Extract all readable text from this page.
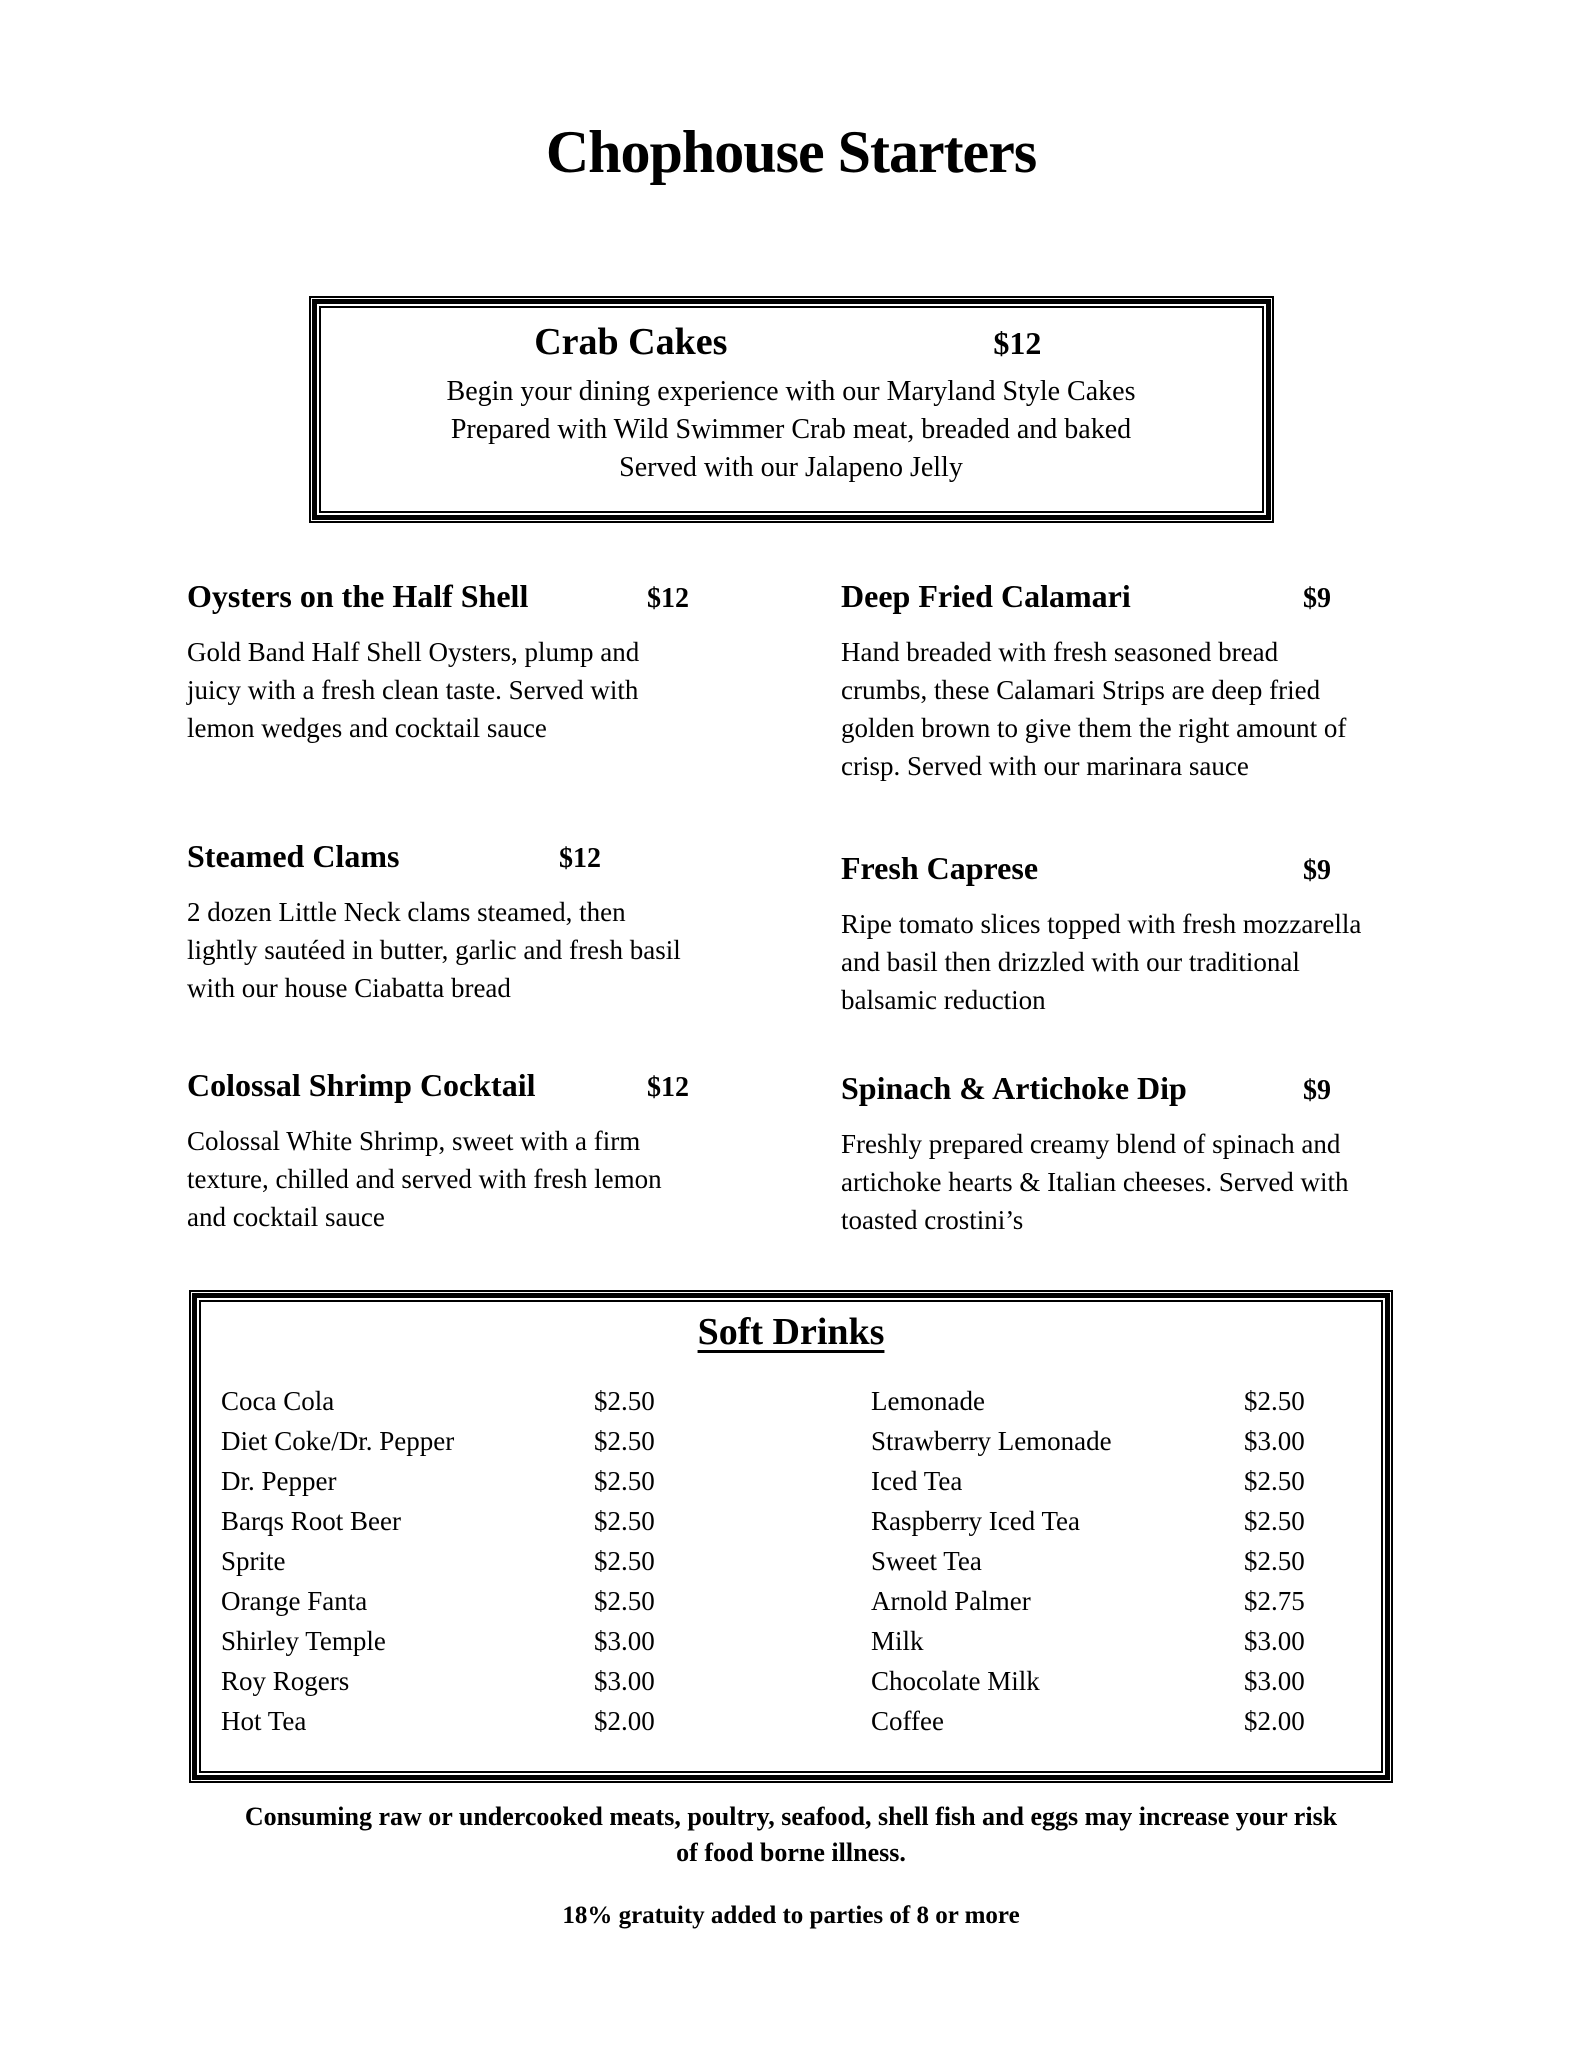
Chophouse Starters
Crab Cakes	$12
Begin your dining experience with our Maryland Style Cakes
Prepared with Wild Swimmer Crab meat, breaded and baked
Served with our Jalapeno Jelly
Oysters on the Half Shell	$12
Gold Band Half Shell Oysters, plump and juicy with a fresh clean taste. Served with lemon wedges and cocktail sauce
Steamed Clams	$12
2 dozen Little Neck clams steamed, then lightly sautéed in butter, garlic and fresh basil with our house Ciabatta bread
Colossal Shrimp Cocktail	$12
Colossal White Shrimp, sweet with a firm texture, chilled and served with fresh lemon and cocktail sauce
Deep Fried Calamari	$9
Hand breaded with fresh seasoned bread crumbs, these Calamari Strips are deep fried golden brown to give them the right amount of crisp. Served with our marinara sauce
Fresh Caprese	$9
Ripe tomato slices topped with fresh mozzarella and basil then drizzled with our traditional balsamic reduction
Spinach & Artichoke Dip	$9
Freshly prepared creamy blend of spinach and artichoke hearts & Italian cheeses. Served with toasted crostini’s
Soft Drinks
Coca Cola	$2.50
Diet Coke/Dr. Pepper	$2.50
Dr. Pepper	$2.50
Barqs Root Beer	$2.50
Sprite	$2.50
Orange Fanta	$2.50
Shirley Temple	$3.00
Roy Rogers	$3.00
Hot Tea	$2.00
Lemonade	$2.50
Strawberry Lemonade	$3.00
Iced Tea	$2.50
Raspberry Iced Tea	$2.50
Sweet Tea	$2.50
Arnold Palmer	$2.75
Milk	$3.00
Chocolate Milk	$3.00
Coffee	$2.00
Consuming raw or undercooked meats, poultry, seafood, shell fish and eggs may increase your risk
of food borne illness.
18% gratuity added to parties of 8 or more
